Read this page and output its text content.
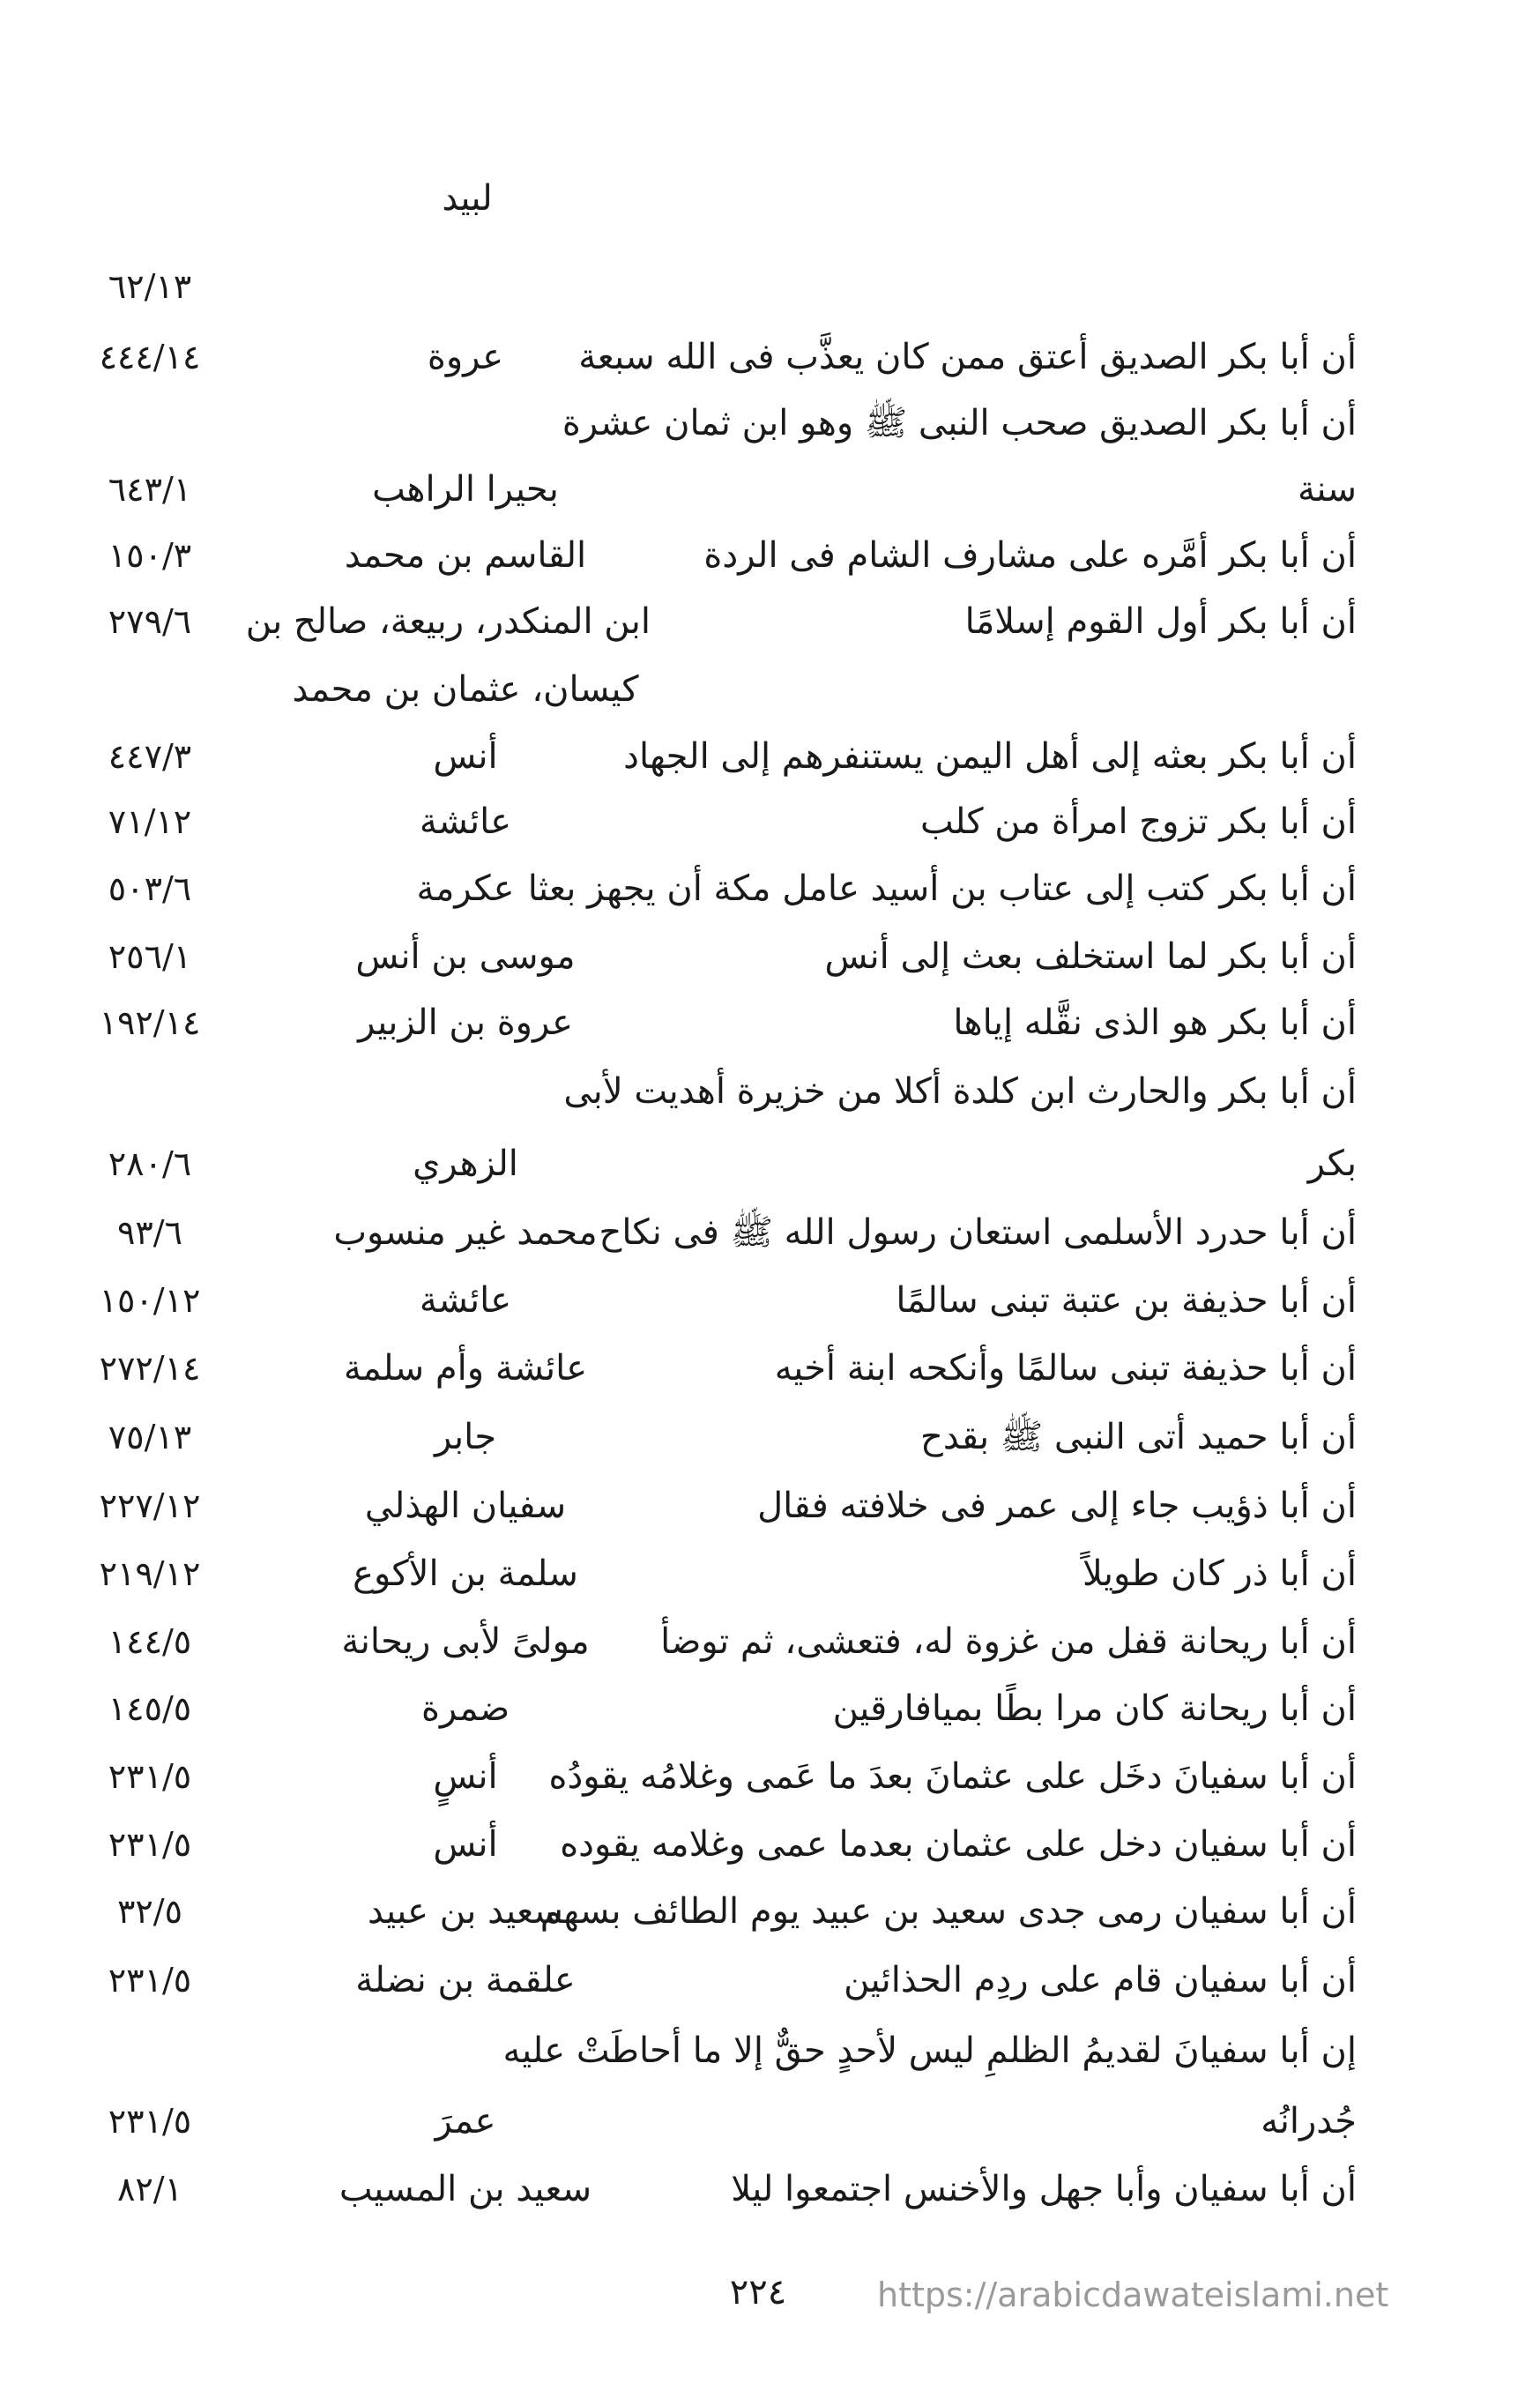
لبيد
٦٢/١٣
أن أبا بكر الصديق أعتق ممن كان يعذَّب فى الله سبعة
عروة
٤٤٤/١٤
أن أبا بكر الصديق صحب النبى ﷺ وهو ابن ثمان عشرة
سنة
بحيرا الراهب
٦٤٣/١
أن أبا بكر أمَّره على مشارف الشام فى الردة
القاسم بن محمد
١٥٠/٣
أن أبا بكر أول القوم إسلامًا
ابن المنكدر، ربيعة، صالح بن
٢٧٩/٦
كيسان، عثمان بن محمد
أن أبا بكر بعثه إلى أهل اليمن يستنفرهم إلى الجهاد
أنس
٤٤٧/٣
أن أبا بكر تزوج امرأة من كلب
عائشة
٧١/١٢
أن أبا بكر كتب إلى عتاب بن أسيد عامل مكة أن يجهز بعثا
عكرمة
٥٠٣/٦
أن أبا بكر لما استخلف بعث إلى أنس
موسى بن أنس
٢٥٦/١
أن أبا بكر هو الذى نقَّله إياها
عروة بن الزبير
١٩٢/١٤
أن أبا بكر والحارث ابن كلدة أكلا من خزيرة أهديت لأبى
بكر
الزهري
٢٨٠/٦
أن أبا حدرد الأسلمى استعان رسول الله ﷺ فى نكاح
محمد غير منسوب
٩٣/٦
أن أبا حذيفة بن عتبة تبنى سالمًا
عائشة
١٥٠/١٢
أن أبا حذيفة تبنى سالمًا وأنكحه ابنة أخيه
عائشة وأم سلمة
٢٧٢/١٤
أن أبا حميد أتى النبى ﷺ بقدح
جابر
٧٥/١٣
أن أبا ذؤيب جاء إلى عمر فى خلافته فقال
سفيان الهذلي
٢٢٧/١٢
أن أبا ذر كان طويلاً
سلمة بن الأكوع
٢١٩/١٢
أن أبا ريحانة قفل من غزوة له، فتعشى، ثم توضأ
مولىً لأبى ريحانة
١٤٤/٥
أن أبا ريحانة كان مرا بطًا بميافارقين
ضمرة
١٤٥/٥
أن أبا سفيانَ دخَل على عثمانَ بعدَ ما عَمى وغلامُه يقودُه
أنسٍ
٢٣١/٥
أن أبا سفيان دخل على عثمان بعدما عمى وغلامه يقوده
أنس
٢٣١/٥
أن أبا سفيان رمى جدى سعيد بن عبيد يوم الطائف بسهم
سعيد بن عبيد
٣٢/٥
أن أبا سفيان قام على ردِم الحذائين
علقمة بن نضلة
٢٣١/٥
إن أبا سفيانَ لقديمُ الظلمِ ليس لأحدٍ حقٌّ إلا ما أحاطَتْ عليه
جُدرانُه
عمرَ
٢٣١/٥
أن أبا سفيان وأبا جهل والأخنس اجتمعوا ليلا
سعيد بن المسيب
٨٢/١
٢٢٤	https://arabicdawateislami.net
